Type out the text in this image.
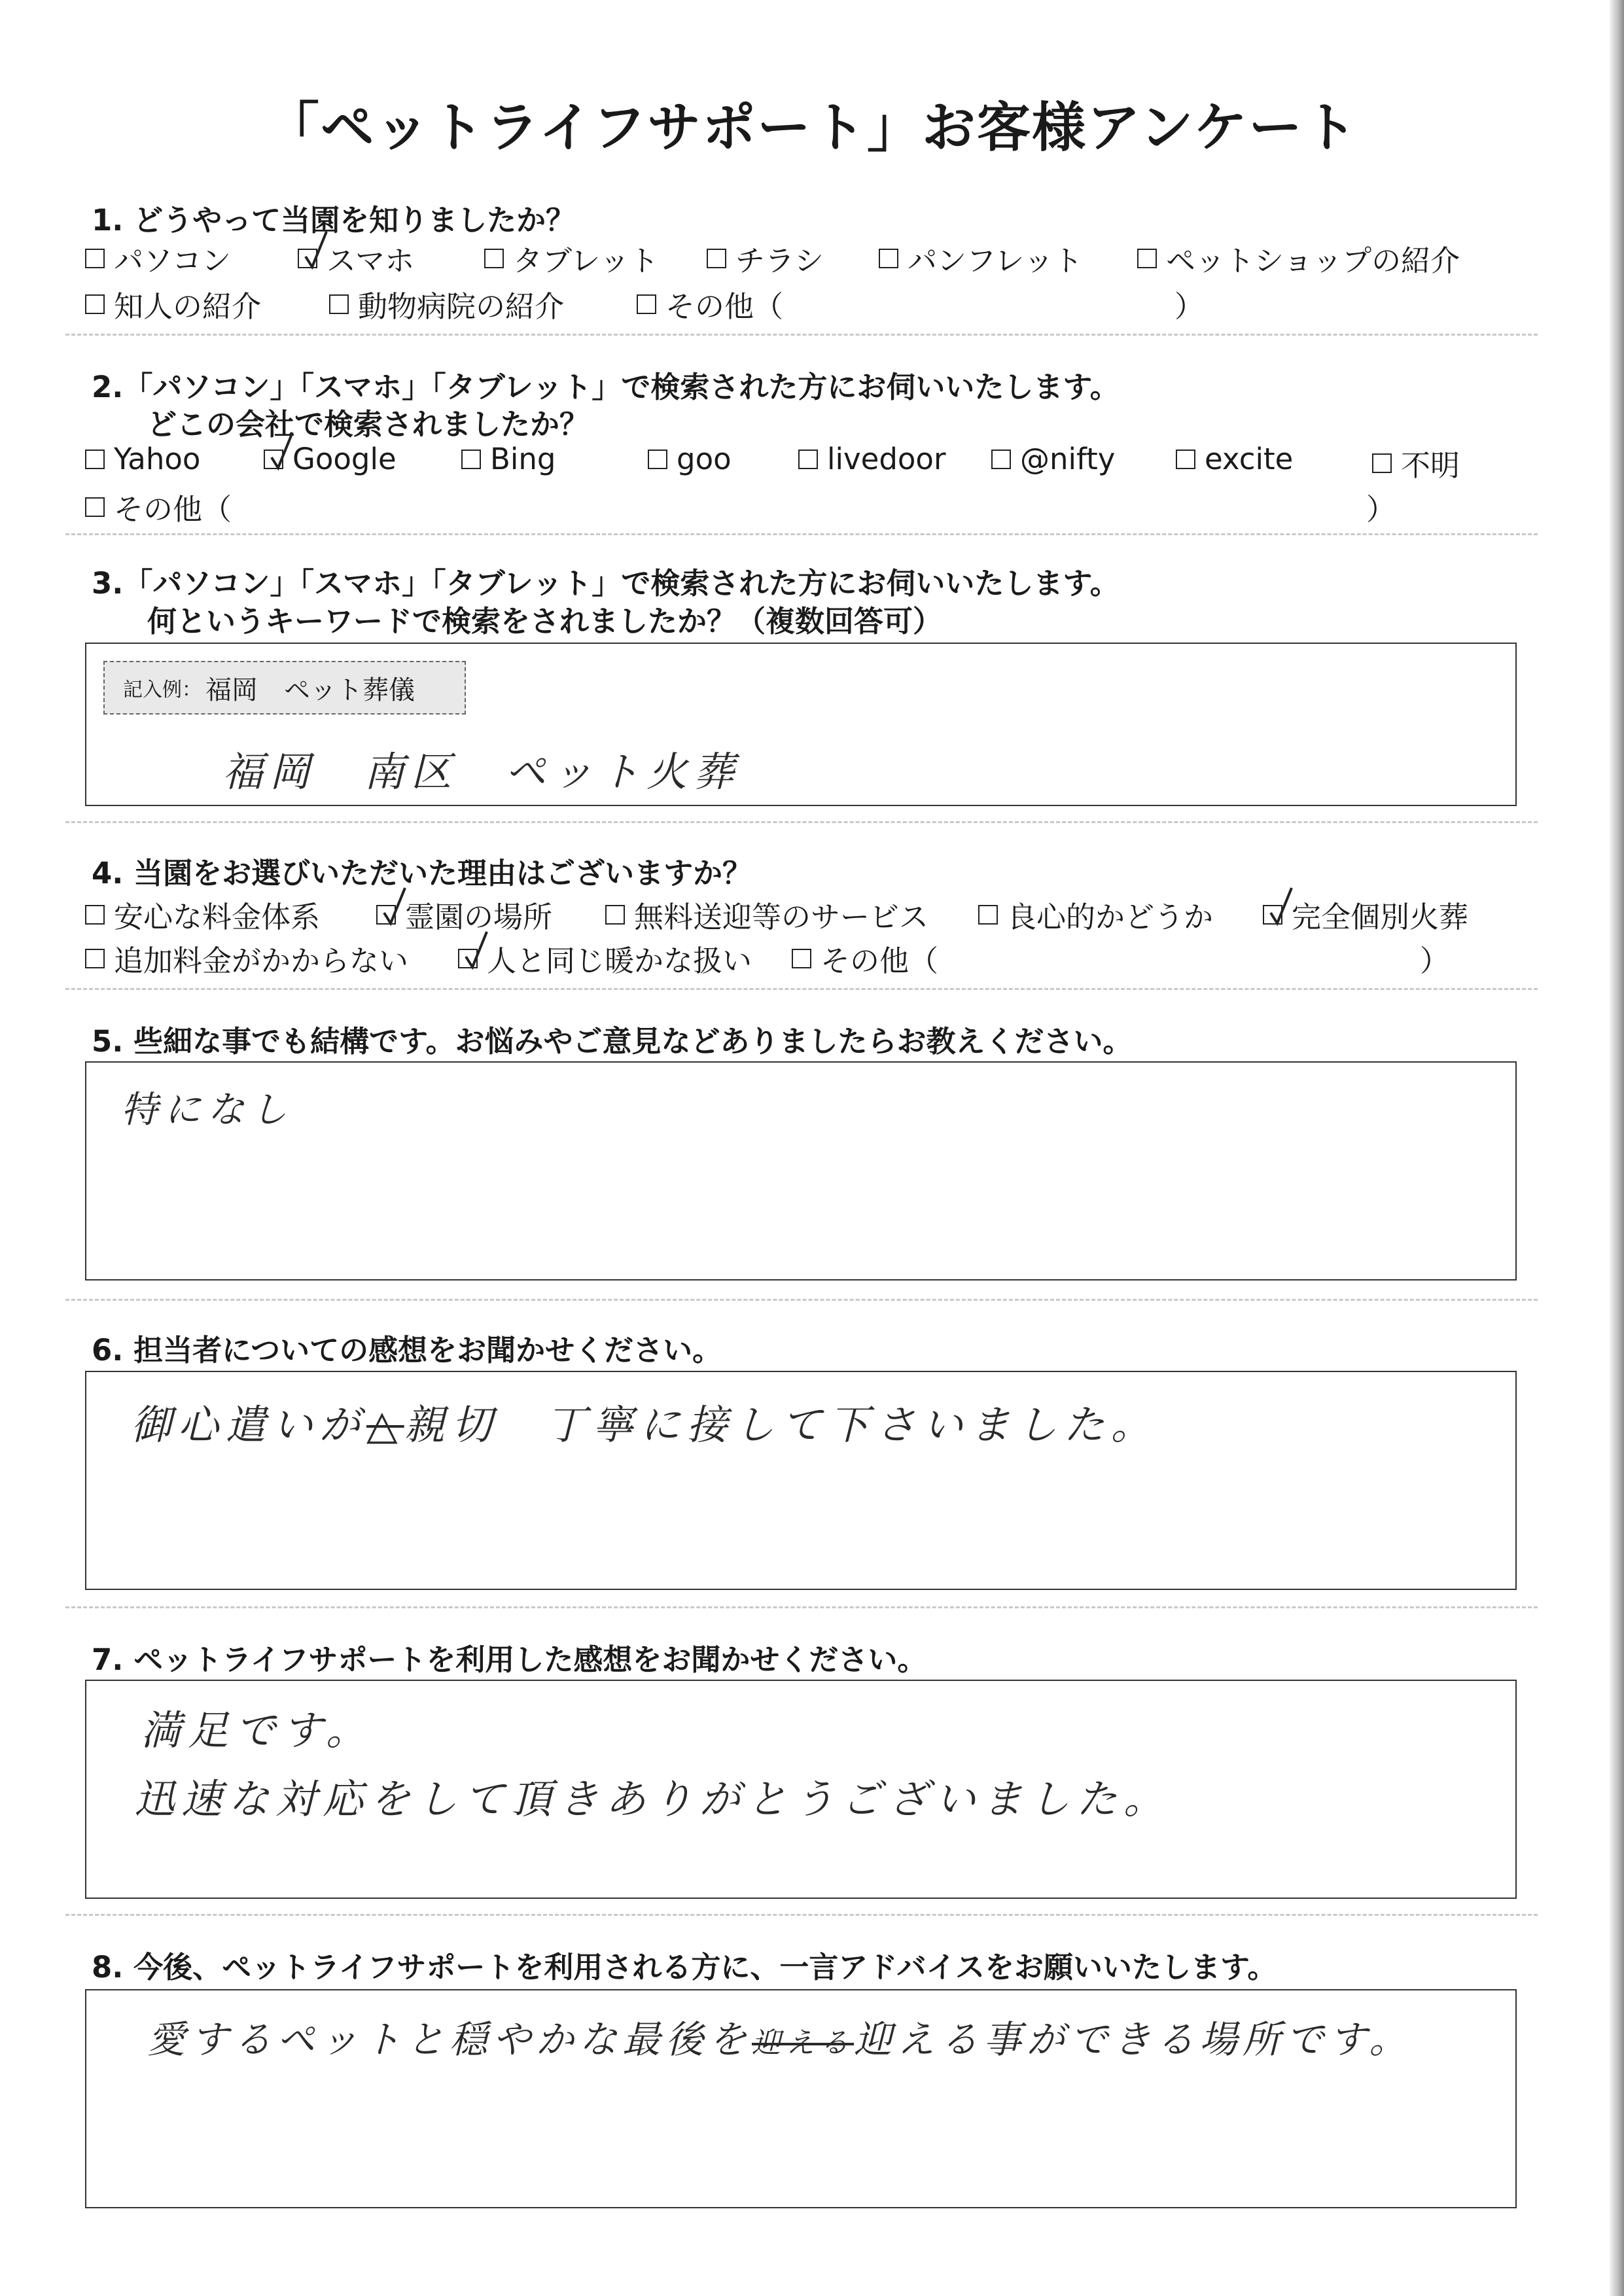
「ペットライフサポート」お客様アンケート
1. どうやって当園を知りましたか？
パソコン	スマホ	タブレット	チラシ	パンフレット	ペットショップの紹介
知人の紹介	動物病院の紹介	その他（	）
2.「パソコン」「スマホ」「タブレット」で検索された方にお伺いいたします。
どこの会社で検索されましたか？
Yahoo	Google	Bing	goo	livedoor	@nifty	excite	不明
その他（	）
3.「パソコン」「スマホ」「タブレット」で検索された方にお伺いいたします。
何というキーワードで検索をされましたか？（複数回答可）
記入例： 福岡　ペット葬儀
福岡　南区　ペット火葬
4. 当園をお選びいただいた理由はございますか？
安心な料金体系	霊園の場所	無料送迎等のサービス	良心的かどうか	完全個別火葬
追加料金がかからない	人と同じ暖かな扱い その他（	）
5. 些細な事でも結構です。お悩みやご意見などありましたらお教えください。
特になし
6. 担当者についての感想をお聞かせください。
御心遣いが△親切　丁寧に接して下さいました。
7. ペットライフサポートを利用した感想をお聞かせください。
満足です。
迅速な対応をして頂きありがとうございました。
8. 今後、ペットライフサポートを利用される方に、一言アドバイスをお願いいたします。
愛するペットと穏やかな最後を迎える迎える事ができる場所です。
